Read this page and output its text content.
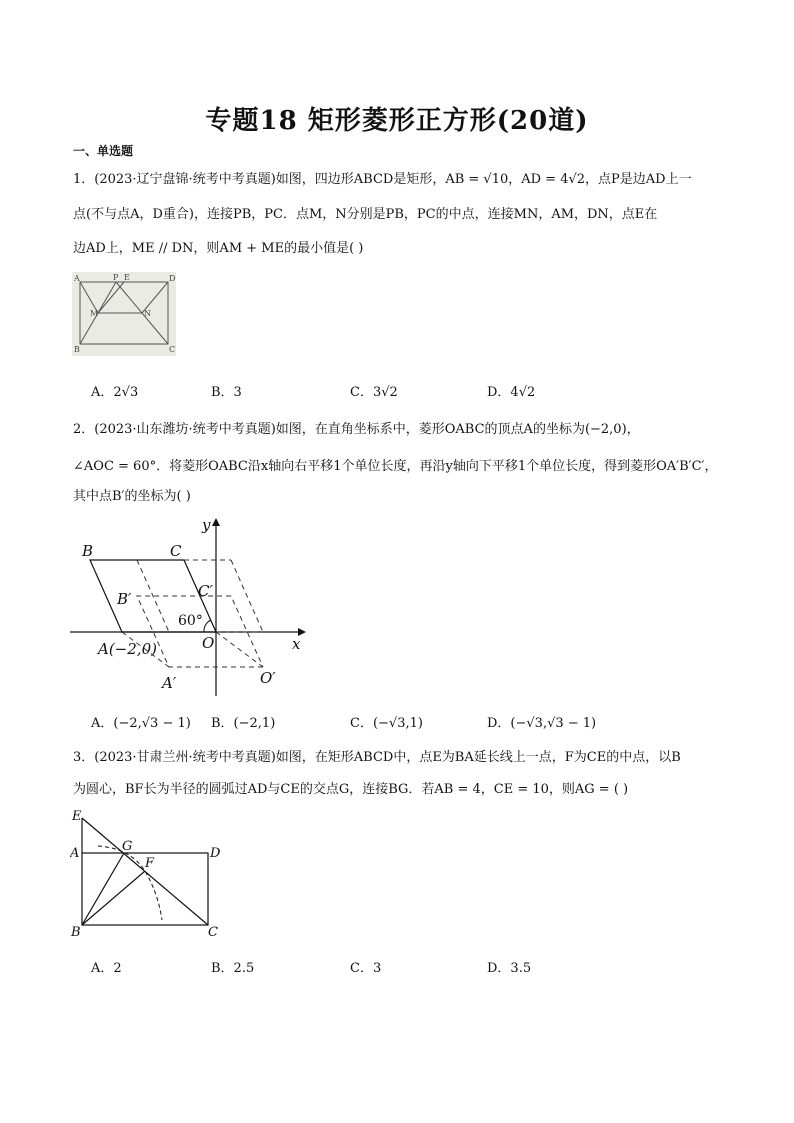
专题18 矩形菱形正方形(20道)
一、单选题
1．(2023·辽宁盘锦·统考中考真题)如图，四边形ABCD是矩形，AB = √10，AD = 4√2，点P是边AD上一
点(不与点A，D重合)，连接PB，PC．点M，N分别是PB，PC的中点，连接MN，AM，DN，点E在
边AD上，ME // DN，则AM + ME的最小值是( )
A	D
B	C
P E
M	N
A．2√3	B．3	C．3√2	D．4√2
2．(2023·山东潍坊·统考中考真题)如图，在直角坐标系中，菱形OABC的顶点A的坐标为(−2,0)，
∠AOC = 60°．将菱形OABC沿x轴向右平移1个单位长度，再沿y轴向下平移1个单位长度，得到菱形OA′B′C′，
其中点B′的坐标为( )
B	C
B′	C′
O
A(−2,0)
A′	O′
x
y
60°
A．(−2,√3 − 1) B．(−2,1)	C．(−√3,1)	D．(−√3,√3 − 1)
3．(2023·甘肃兰州·统考中考真题)如图，在矩形ABCD中，点E为BA延长线上一点，F为CE的中点，以B
为圆心，BF长为半径的圆弧过AD与CE的交点G，连接BG．若AB = 4，CE = 10，则AG = ( )
E
A	G
F
D
B	C
A．2	B．2.5	C．3	D．3.5
